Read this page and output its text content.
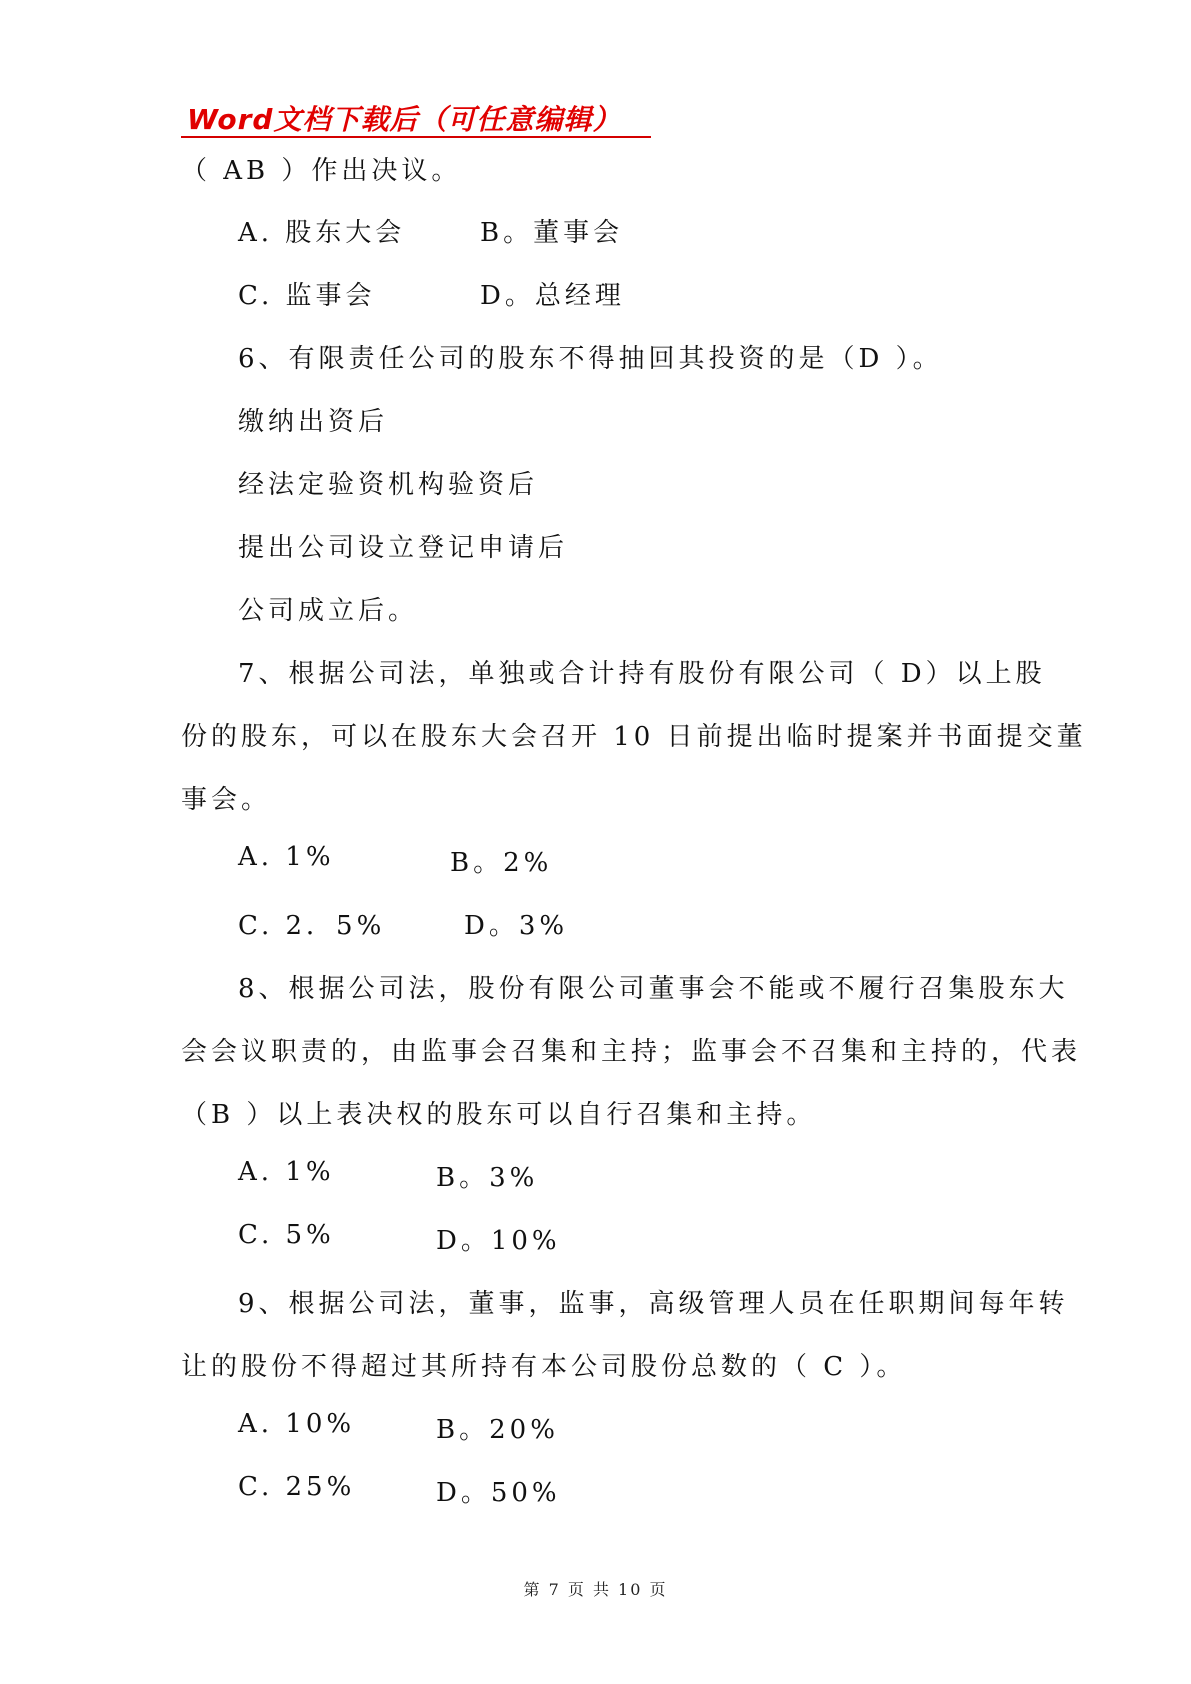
Word文档下载后（可任意编辑）
（ AB ）作出决议。
A. 股东大会	B。董事会
C. 监事会	D。总经理
6、有限责任公司的股东不得抽回其投资的是（D ）。
缴纳出资后
经法定验资机构验资后
提出公司设立登记申请后
公司成立后。
7、根据公司法，单独或合计持有股份有限公司（ D）以上股
份的股东，可以在股东大会召开 10 日前提出临时提案并书面提交董
事会。
A. 1%	B。2%
C. 2．5%	D。3%
8、根据公司法，股份有限公司董事会不能或不履行召集股东大
会会议职责的，由监事会召集和主持；监事会不召集和主持的，代表
（B ）以上表决权的股东可以自行召集和主持。
A. 1%	B。3%
C. 5%	D。10%
9、根据公司法，董事，监事，高级管理人员在任职期间每年转
让的股份不得超过其所持有本公司股份总数的（ C ）。
A. 10%	B。20%
C. 25%	D。50%
第 7 页 共 10 页
